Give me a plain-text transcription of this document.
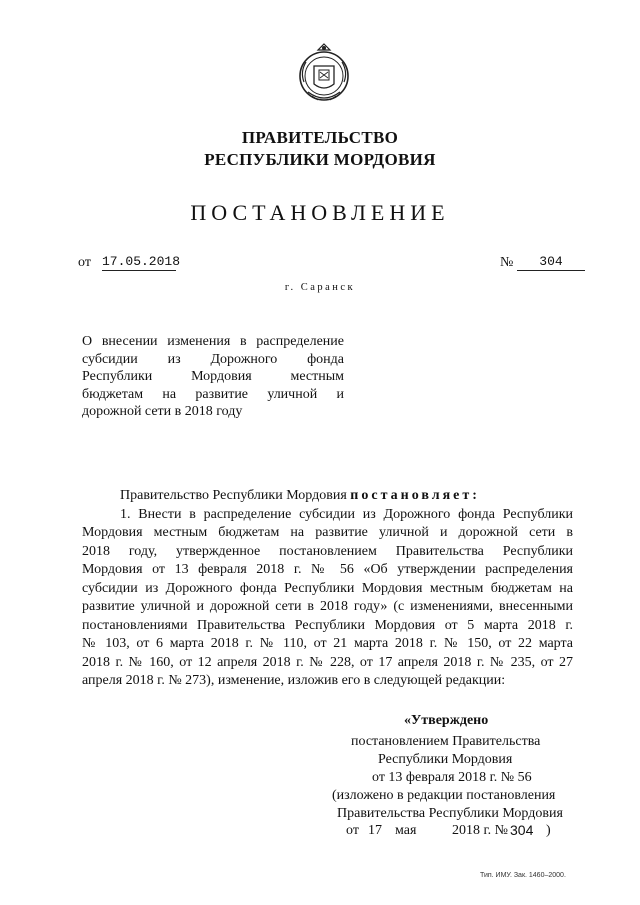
ПРАВИТЕЛЬСТВО
РЕСПУБЛИКИ МОРДОВИЯ
ПОСТАНОВЛЕНИЕ
от 17.05.2018	№	304
г. Саранск
О внесении изменения в распределение
субсидии из Дорожного фонда
Республики Мордовия местным
бюджетам на развитие уличной и
дорожной сети в 2018 году
Правительство Республики Мордовия постановляет:
1. Внести в распределение субсидии из Дорожного фонда Республики
Мордовия местным бюджетам на развитие уличной и дорожной сети в
2018 году, утвержденное постановлением Правительства Республики
Мордовия от 13 февраля 2018 г. № 56 «Об утверждении распределения
субсидии из Дорожного фонда Республики Мордовия местным бюджетам на
развитие уличной и дорожной сети в 2018 году» (с изменениями, внесенными
постановлениями Правительства Республики Мордовия от 5 марта 2018 г.
№ 103, от 6 марта 2018 г. № 110, от 21 марта 2018 г. № 150, от 22 марта
2018 г. № 160, от 12 апреля 2018 г. № 228, от 17 апреля 2018 г. № 235, от 27
апреля 2018 г. № 273), изменение, изложив его в следующей редакции:
«Утверждено
постановлением Правительства
Республики Мордовия
от 13 февраля 2018 г. № 56
(изложено в редакции постановления
Правительства Республики Мордовия
от 17 мая	2018 г. № 304 )
Тип. ИМУ. Зак. 1460–2000.
